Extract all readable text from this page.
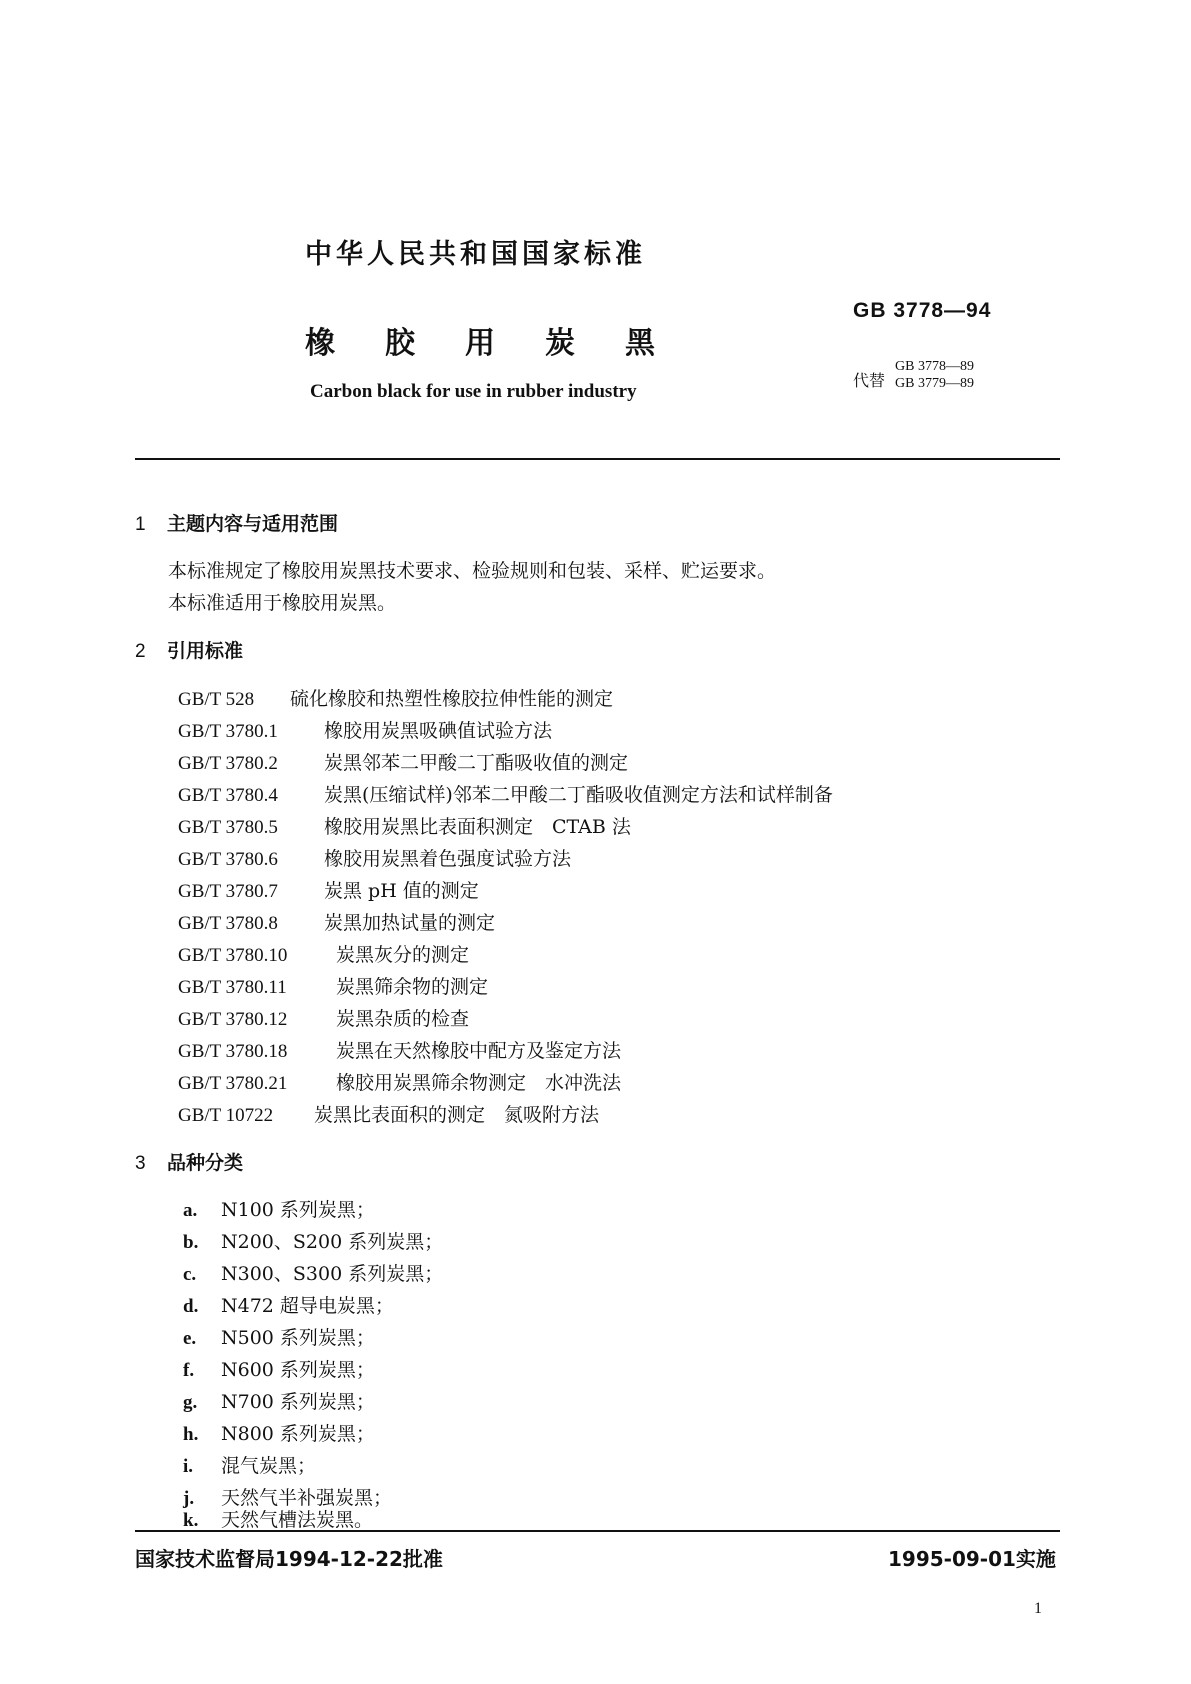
中华人民共和国国家标准
橡胶用炭黑
Carbon black for use in rubber industry
GB 3778—94
代替
GB 3778—89
GB 3779—89
1 主题内容与适用范围
本标准规定了橡胶用炭黑技术要求、检验规则和包装、采样、贮运要求。
本标准适用于橡胶用炭黑。
2 引用标准
GB/T 528 硫化橡胶和热塑性橡胶拉伸性能的测定
GB/T 3780.1 橡胶用炭黑吸碘值试验方法
GB/T 3780.2 炭黑邻苯二甲酸二丁酯吸收值的测定
GB/T 3780.4 炭黑(压缩试样)邻苯二甲酸二丁酯吸收值测定方法和试样制备
GB/T 3780.5 橡胶用炭黑比表面积测定　CTAB 法
GB/T 3780.6 橡胶用炭黑着色强度试验方法
GB/T 3780.7 炭黑 pH 值的测定
GB/T 3780.8 炭黑加热试量的测定
GB/T 3780.10	炭黑灰分的测定
GB/T 3780.11	炭黑筛余物的测定
GB/T 3780.12	炭黑杂质的检查
GB/T 3780.18	炭黑在天然橡胶中配方及鉴定方法
GB/T 3780.21	橡胶用炭黑筛余物测定　水冲洗法
GB/T 10722 炭黑比表面积的测定　氮吸附方法
3 品种分类
a. N100 系列炭黑；
b. N200、S200 系列炭黑；
c. N300、S300 系列炭黑；
d. N472 超导电炭黑；
e. N500 系列炭黑；
f. N600 系列炭黑；
g. N700 系列炭黑；
h. N800 系列炭黑；
i. 混气炭黑；
j. 天然气半补强炭黑；
k. 天然气槽法炭黑。
国家技术监督局1994-12-22批准	1995-09-01实施
1
